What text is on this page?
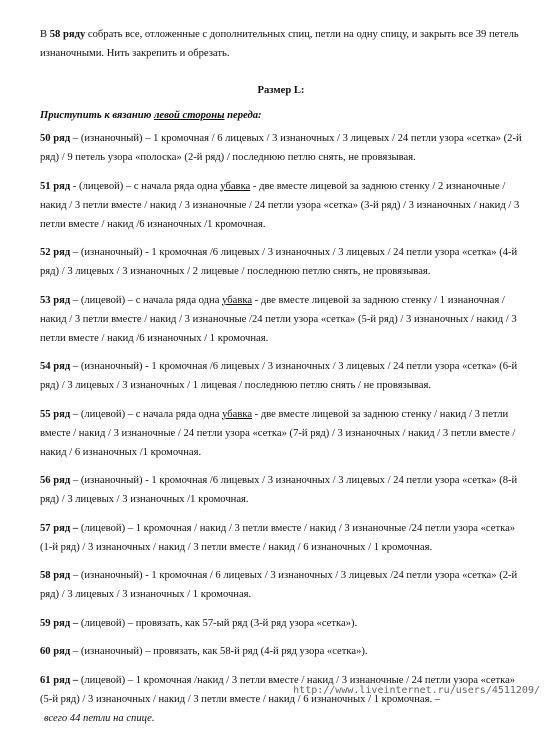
В 58 ряду собрать все, отложенные с дополнительных спиц, петли на одну спицу, и закрыть все 39 петель изнаночными. Нить закрепить и обрезать.

Размер L:

Приступить к вязанию левой стороны переда:

50 ряд – (изнаночный) – 1 кромочная / 6 лицевых / 3 изнаночных / 3 лицевых / 24 петли узора «сетка» (2-й ряд) / 9 петель узора «полоска» (2-й ряд) / последнюю петлю снять, не провязывая.

51 ряд - (лицевой) – с начала ряда одна убавка - две вместе лицевой за заднюю стенку / 2 изнаночные / накид / 3 петли вместе / накид / 3 изнаночные / 24 петли узора «сетка» (3-й ряд) / 3 изнаночных / накид / 3 петли вместе / накид /6 изнаночных /1 кромочная.

52 ряд – (изнаночный) - 1 кромочная /6 лицевых / 3 изнаночных / 3 лицевых / 24 петли узора «сетка» (4-й ряд) / 3 лицевых / 3 изнаночных / 2 лицевые / последнюю петлю снять, не провязывая.

53 ряд – (лицевой) – с начала ряда одна убавка - две вместе лицевой за заднюю стенку / 1 изнаночная / накид / 3 петли вместе / накид / 3 изнаночные /24 петли узора «сетка» (5-й ряд) / 3 изнаночных / накид / 3 петли вместе / накид /6 изнаночных / 1 кромочная.

54 ряд – (изнаночный) - 1 кромочная /6 лицевых / 3 изнаночных / 3 лицевых / 24 петли узора «сетка» (6-й ряд) / 3 лицевых / 3 изнаночных / 1 лицевая / последнюю петлю снять / не провязывая.

55 ряд – (лицевой) – с начала ряда одна убавка - две вместе лицевой за заднюю стенку / накид / 3 петли вместе / накид / 3 изнаночные / 24 петли узора «сетка» (7-й ряд) / 3 изнаночных / накид / 3 петли вместе / накид / 6 изнаночных /1 кромочная.

56 ряд – (изнаночный) - 1 кромочная /6 лицевых / 3 изнаночных / 3 лицевых / 24 петли узора «сетка» (8-й ряд) / 3 лицевых / 3 изнаночных /1 кромочная.

57 ряд – (лицевой) – 1 кромочная / накид / 3 петли вместе / накид / 3 изнаночные /24 петли узора «сетка» (1-й ряд) / 3 изнаночных / накид / 3 петли вместе / накид / 6 изнаночных / 1 кромочная.

58 ряд – (изнаночный) - 1 кромочная / 6 лицевых / 3 изнаночных / 3 лицевых /24 петли узора «сетка» (2-й ряд) / 3 лицевых / 3 изнаночных / 1 кромочная.

59 ряд – (лицевой) – провязать, как 57-ый ряд (3-й ряд узора «сетка»).

60 ряд – (изнаночный) – провязать, как 58-й ряд (4-й ряд узора «сетка»).

61 ряд – (лицевой) – 1 кромочная /накид / 3 петли вместе / накид / 3 изнаночные / 24 петли узора «сетка» (5-й ряд) / 3 изнаночных / накид / 3 петли вместе / накид / 6 изнаночных / 1 кромочная. –
всего 44 петли на спице.

http://www.liveinternet.ru/users/4511209/
